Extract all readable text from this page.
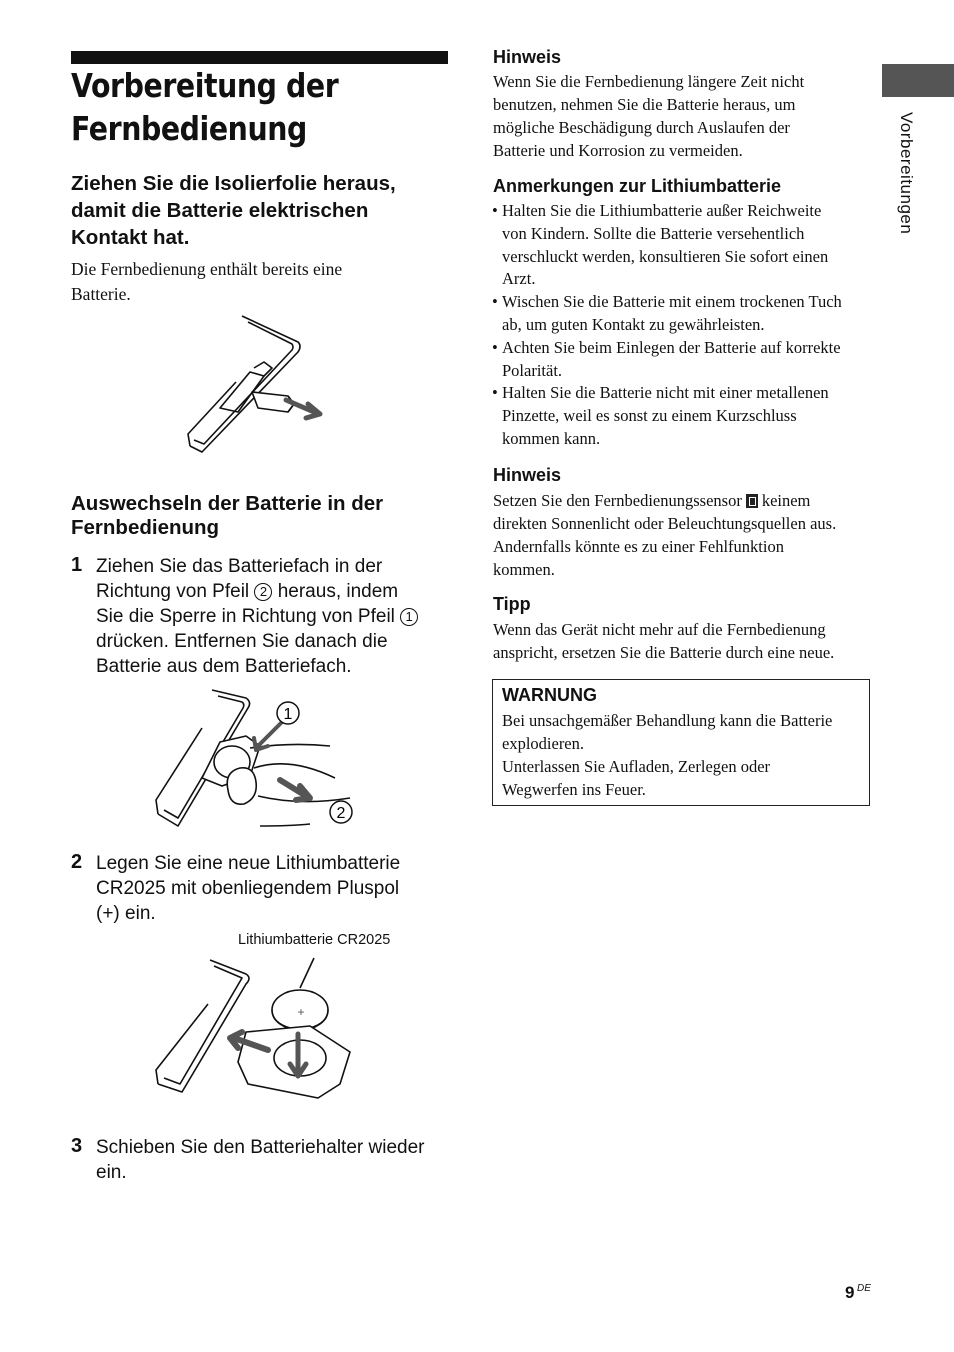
Vorbereitung der
Fernbedienung
Ziehen Sie die Isolierfolie heraus,
damit die Batterie elektrischen
Kontakt hat.
Die Fernbedienung enthält bereits eine
Batterie.
Auswechseln der Batterie in der
Fernbedienung
1 Ziehen Sie das Batteriefach in der
Richtung von Pfeil 2 heraus, indem
Sie die Sperre in Richtung von Pfeil 1
drücken. Entfernen Sie danach die
Batterie aus dem Batteriefach.
1
2
2 Legen Sie eine neue Lithiumbatterie
CR2025 mit obenliegendem Pluspol
(+) ein.
Lithiumbatterie CR2025
+
3 Schieben Sie den Batteriehalter wieder
ein.
Hinweis
Wenn Sie die Fernbedienung längere Zeit nicht
benutzen, nehmen Sie die Batterie heraus, um
mögliche Beschädigung durch Auslaufen der
Batterie und Korrosion zu vermeiden.
Anmerkungen zur Lithiumbatterie
• Halten Sie die Lithiumbatterie außer Reichweite
von Kindern. Sollte die Batterie versehentlich
verschluckt werden, konsultieren Sie sofort einen
Arzt.
• Wischen Sie die Batterie mit einem trockenen Tuch
ab, um guten Kontakt zu gewährleisten.
• Achten Sie beim Einlegen der Batterie auf korrekte
Polarität.
• Halten Sie die Batterie nicht mit einer metallenen
Pinzette, weil es sonst zu einem Kurzschluss
kommen kann.
Hinweis
Setzen Sie den Fernbedienungssensor keinem
direkten Sonnenlicht oder Beleuchtungsquellen aus.
Andernfalls könnte es zu einer Fehlfunktion
kommen.
Tipp
Wenn das Gerät nicht mehr auf die Fernbedienung
anspricht, ersetzen Sie die Batterie durch eine neue.
WARNUNG
Bei unsachgemäßer Behandlung kann die Batterie
explodieren.
Unterlassen Sie Aufladen, Zerlegen oder
Wegwerfen ins Feuer.
Vorbereitungen
9 DE
